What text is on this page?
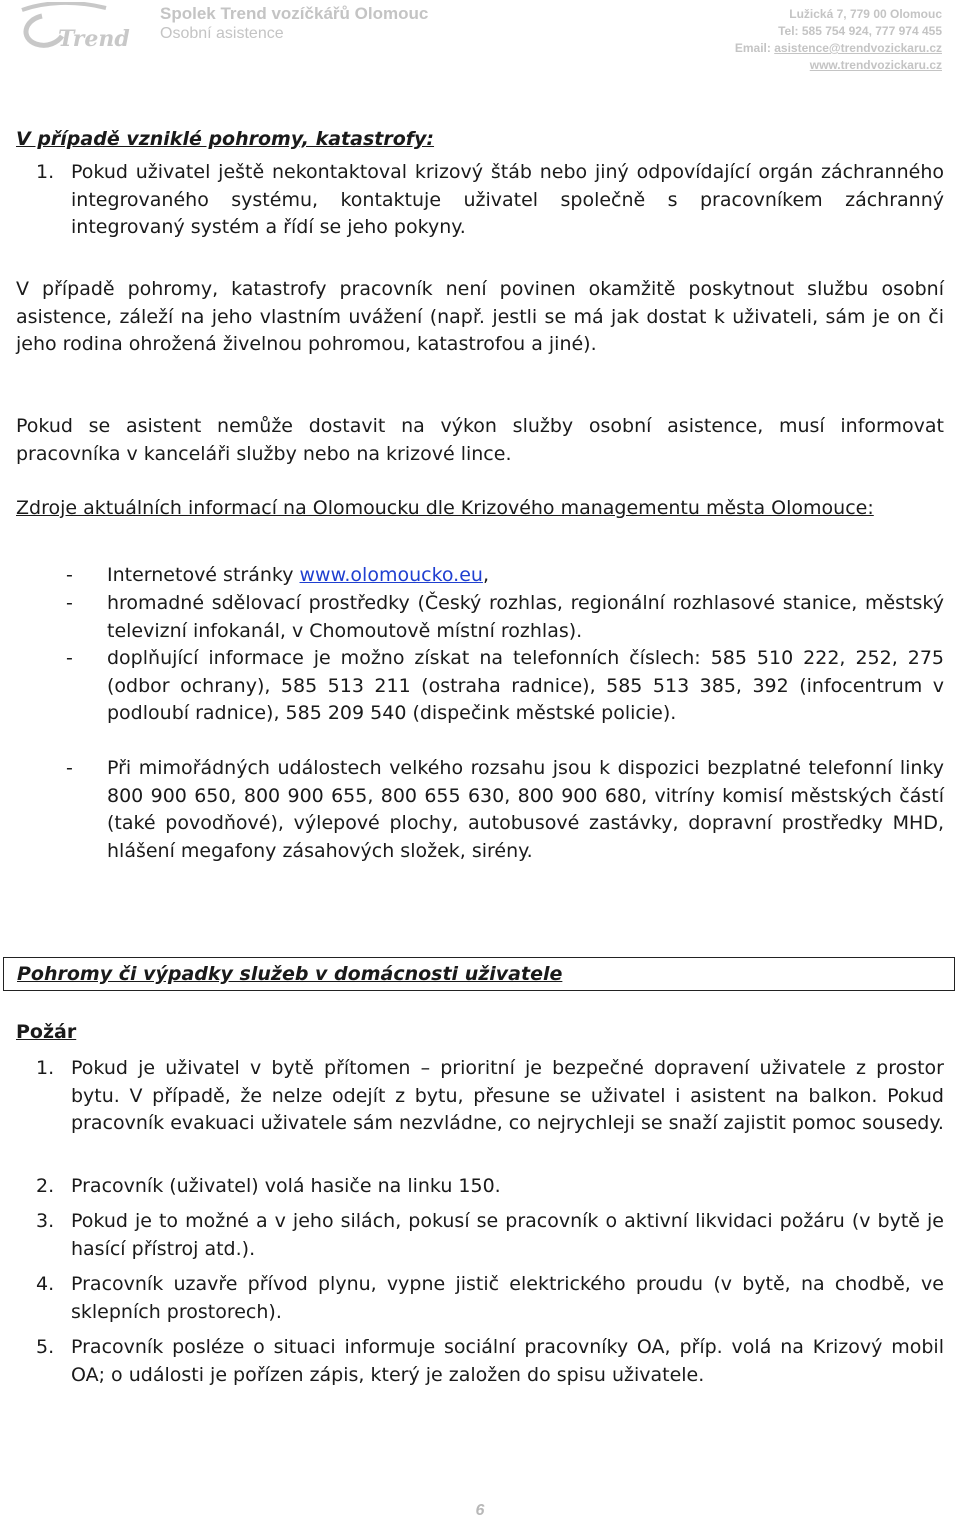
Trend
Spolek Trend vozíčkářů Olomouc
Osobní asistence
Lužická 7, 779 00 Olomouc
Tel: 585 754 924, 777 974 455
Email: asistence@trendvozickaru.cz
www.trendvozickaru.cz
V případě vzniklé pohromy, katastrofy:
1. Pokud uživatel ještě nekontaktoval krizový štáb nebo jiný odpovídající orgán záchranného integrovaného systému, kontaktuje uživatel společně s pracovníkem záchranný integrovaný systém a řídí se jeho pokyny.
V případě pohromy, katastrofy pracovník není povinen okamžitě poskytnout službu osobní asistence, záleží na jeho vlastním uvážení (např. jestli se má jak dostat k uživateli, sám je on či jeho rodina ohrožená živelnou pohromou, katastrofou a jiné).
Pokud se asistent nemůže dostavit na výkon služby osobní asistence, musí informovat pracovníka v kanceláři služby nebo na krizové lince.
Zdroje aktuálních informací na Olomoucku dle Krizového managementu města Olomouce:
- Internetové stránky www.olomoucko.eu,
- hromadné sdělovací prostředky (Český rozhlas, regionální rozhlasové stanice, městský televizní infokanál, v Chomoutově místní rozhlas).
- doplňující informace je možno získat na telefonních číslech: 585 510 222, 252, 275 (odbor ochrany), 585 513 211 (ostraha radnice), 585 513 385, 392 (infocentrum v podloubí radnice), 585 209 540 (dispečink městské policie).
- Při mimořádných událostech velkého rozsahu jsou k dispozici bezplatné telefonní linky 800 900 650, 800 900 655, 800 655 630, 800 900 680, vitríny komisí městských částí (také povodňové), výlepové plochy, autobusové zastávky, dopravní prostředky MHD, hlášení megafony zásahových složek, sirény.
Pohromy či výpadky služeb v domácnosti uživatele
Požár
1. Pokud je uživatel v bytě přítomen – prioritní je bezpečné dopravení uživatele z prostor bytu. V případě, že nelze odejít z bytu, přesune se uživatel i asistent na balkon. Pokud pracovník evakuaci uživatele sám nezvládne, co nejrychleji se snaží zajistit pomoc sousedy.
2. Pracovník (uživatel) volá hasiče na linku 150.
3. Pokud je to možné a v jeho silách, pokusí se pracovník o aktivní likvidaci požáru (v bytě je hasící přístroj atd.).
4. Pracovník uzavře přívod plynu, vypne jistič elektrického proudu (v bytě, na chodbě, ve sklepních prostorech).
5. Pracovník posléze o situaci informuje sociální pracovníky OA, příp. volá na Krizový mobil OA; o události je pořízen zápis, který je založen do spisu uživatele.
6
